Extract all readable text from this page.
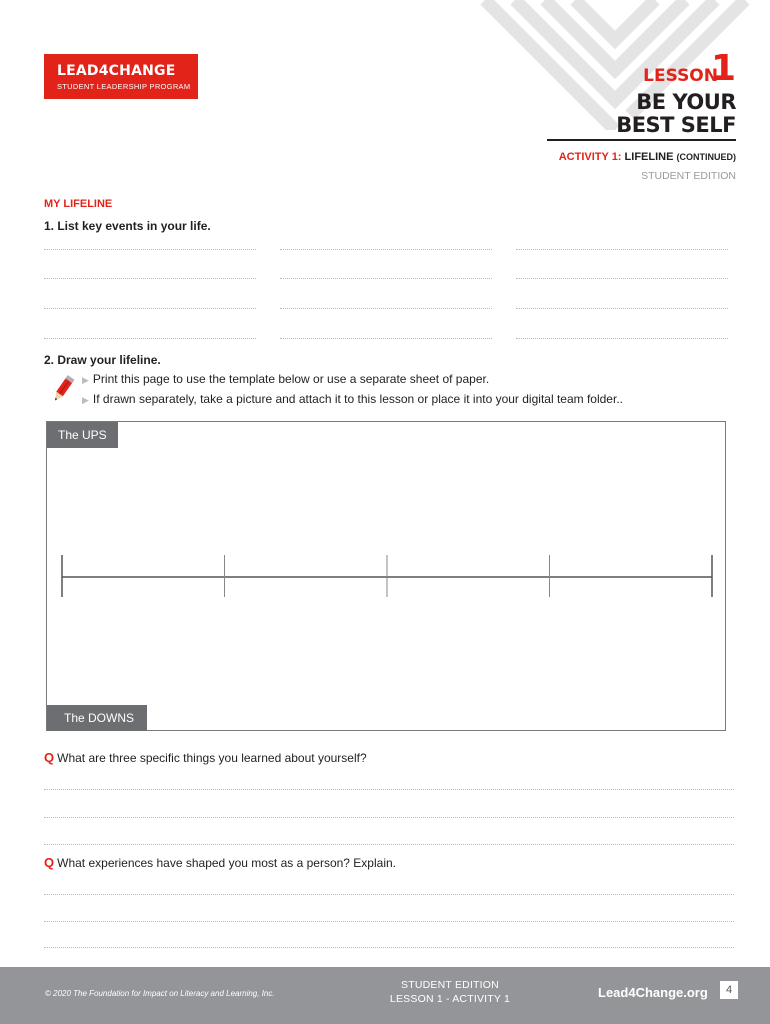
LEAD4CHANGE
STUDENT LEADERSHIP PROGRAM
LESSON
1
BE YOUR
BEST SELF
ACTIVITY 1: LIFELINE (CONTINUED)
STUDENT EDITION
MY LIFELINE
1. List key events in your life.
2. Draw your lifeline.
▶ Print this page to use the template below or use a separate sheet of paper.
▶ If drawn separately, take a picture and attach it to this lesson or place it into your digital team folder..
The UPS
The DOWNS
Q What are three specific things you learned about yourself?
Q What experiences have shaped you most as a person? Explain.
© 2020 The Foundation for Impact on Literacy and Learning, Inc.
STUDENT EDITION
LESSON 1 - ACTIVITY 1	Lead4Change.org	4
